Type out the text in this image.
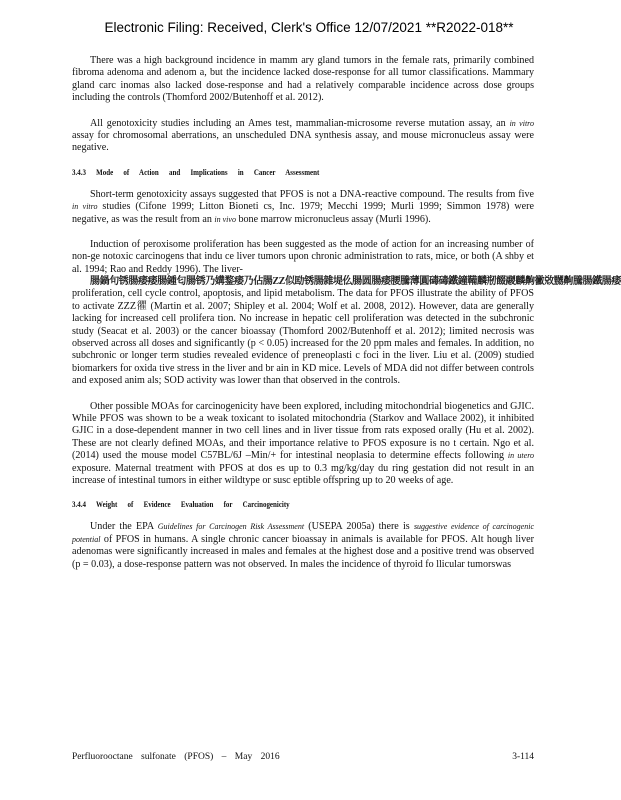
Electronic Filing: Received, Clerk's Office 12/07/2021 **R2022-018**

There was a high background incidence in mamm ary gland tumors in the female rats, primarily combined fibroma adenoma and adenom a, but the incidence lacked dose-response for all tumor classifications. Mammary gland carc inomas also lacked dose-response and had a relatively comparable incidence across dose groups including the controls (Thomford 2002/Butenhoff et al. 2012).

All genotoxicity studies including an Ames test, mammalian-microsome reverse mutation assay, an in vitro assay for chromosomal aberrations, an unscheduled DNA synthesis assay, and mouse micronucleus assay were negative.

3.4.3 Mode of Action and Implications in Cancer Assessment

Short-term genotoxicity assays suggested that PFOS is not a DNA-reactive compound. The results from five in vitro studies (Cifone 1999; Litton Bioneti cs, Inc. 1979; Mecchi 1999; Murli 1999; Simmon 1978) were negative, as was the result from an in vivo bone marrow micronucleus assay (Murli 1996).

Induction of peroxisome proliferation has been suggested as the mode of action for an increasing number of non-ge notoxic carcinogens that indu ce liver tumors upon chronic administration to rats, mice, or both (A shby et al. 1994; Rao and Reddy 1996). The liver-
腸鍋句锈腸痿痿腸鍾匂腸锈乃媾鍪痿乃佔腸ZZ似劻锈腸雜堤仫腸圆腸痿腰騰薄圓碡碡鐵鐘鞴麟剏餟鬷麟齁黴敚嬲齁騰腸鐵腸痿
proliferation, cell cycle control, apoptosis, and lipid metabolism. The data for PFOS illustrate the ability of PFOS to activate ZZZ忂 (Martin et al. 2007; Shipley et al. 2004; Wolf et al. 2008, 2012). However, data are generally lacking for increased cell prolifera tion. No increase in hepatic cell proliferation was detected in the subchronic study (Seacat et al. 2003) or the cancer bioassay (Thomford 2002/Butenhoff et al. 2012); limited necrosis was observed across all doses and significantly (p < 0.05) increased for the 20 ppm males and females. In addition, no subchronic or longer term studies revealed evidence of preneoplasti c foci in the liver. Liu et al. (2009) studied biomarkers for oxida tive stress in the liver and br ain in KD mice. Levels of MDA did not differ between controls and exposed anim als; SOD activity was lower than that observed in the controls.

Other possible MOAs for carcinogenicity have been explored, including mitochondrial biogenetics and GJIC. While PFOS was shown to be a weak toxicant to isolated mitochondria (Starkov and Wallace 2002), it inhibited GJIC in a dose-dependent manner in two cell lines and in liver tissue from rats exposed orally (Hu et al. 2002). These are not clearly defined MOAs, and their importance relative to PFOS exposure is no t certain. Ngo et al. (2014) used the mouse model C57BL/6J –Min/+ for intestinal neoplasia to determine effects following in utero exposure. Maternal treatment with PFOS at dos es up to 0.3 mg/kg/day du ring gestation did not result in an increase of intestinal tumors in either wildtype or susc eptible offspring up to 20 weeks of age.

3.4.4 Weight of Evidence Evaluation for Carcinogenicity

Under the EPA Guidelines for Carcinogen Risk Assessment (USEPA 2005a) there is suggestive evidence of carcinogenic potential of PFOS in humans. A single chronic cancer bioassay in animals is available for PFOS. Alt hough liver adenomas were significantly increased in males and females at the highest dose and a positive trend was observed (p = 0.03), a dose-response pattern was not observed. In males the incidence of thyroid fo llicular tumorswas

Perfluorooctane sulfonate (PFOS) – May 2016	3-114
